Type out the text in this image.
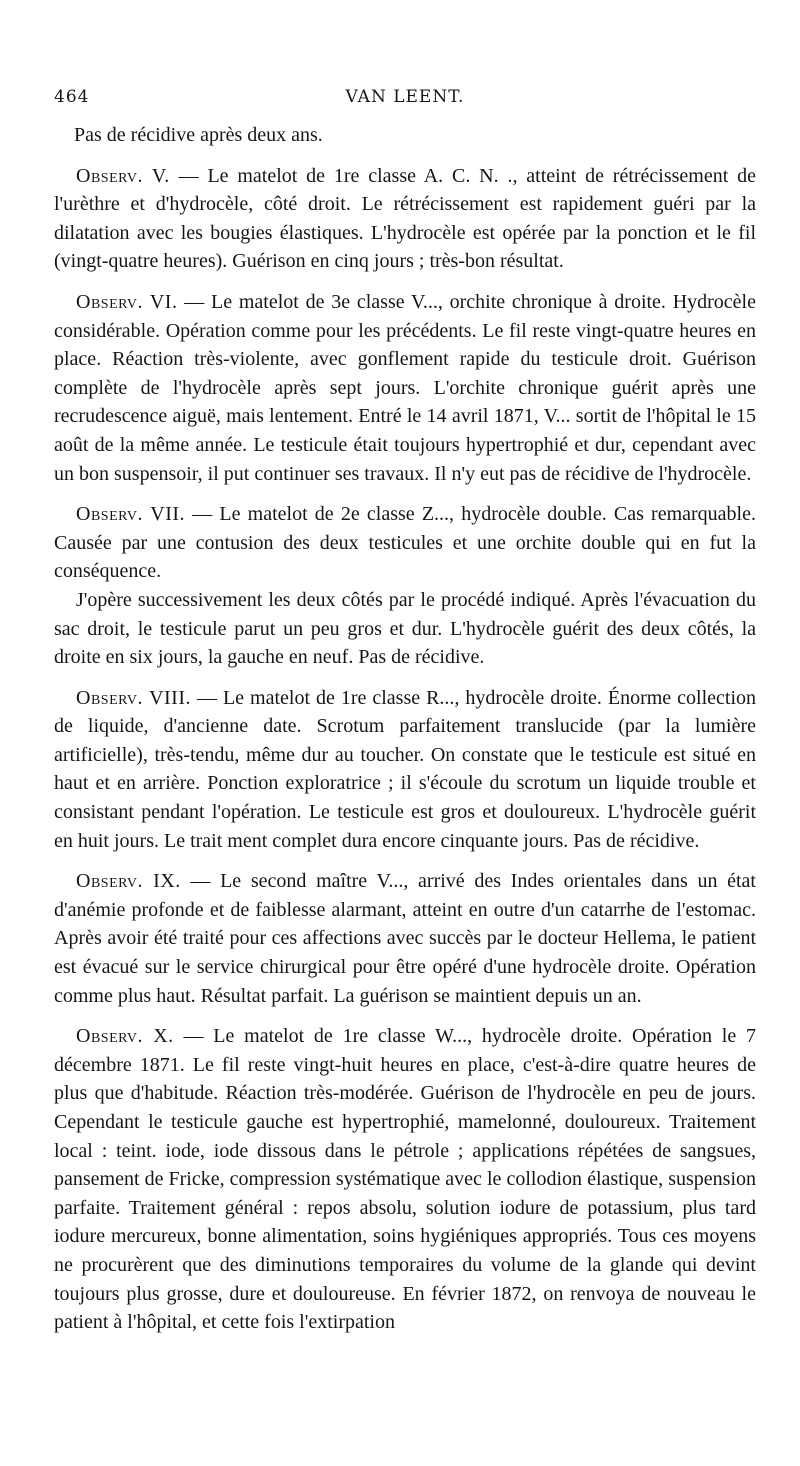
464	VAN LEENT.

Pas de récidive après deux ans.

Observ. V. — Le matelot de 1re classe A. C. N. ., atteint de rétrécissement de l'urèthre et d'hydrocèle, côté droit. Le rétrécissement est rapidement guéri par la dilatation avec les bougies élastiques. L'hydrocèle est opérée par la ponction et le fil (vingt-quatre heures). Guérison en cinq jours ; très-bon résultat.

Observ. VI. — Le matelot de 3e classe V..., orchite chronique à droite. Hydrocèle considérable. Opération comme pour les précédents. Le fil reste vingt-quatre heures en place. Réaction très-violente, avec gonflement rapide du testicule droit. Guérison complète de l'hydrocèle après sept jours. L'orchite chronique guérit après une recrudescence aiguë, mais lentement. Entré le 14 avril 1871, V... sortit de l'hôpital le 15 août de la même année. Le testicule était toujours hypertrophié et dur, cependant avec un bon suspensoir, il put continuer ses travaux. Il n'y eut pas de récidive de l'hydrocèle.

Observ. VII. — Le matelot de 2e classe Z..., hydrocèle double. Cas remarquable. Causée par une contusion des deux testicules et une orchite double qui en fut la conséquence.

J'opère successivement les deux côtés par le procédé indiqué. Après l'évacuation du sac droit, le testicule parut un peu gros et dur. L'hydrocèle guérit des deux côtés, la droite en six jours, la gauche en neuf. Pas de récidive.

Observ. VIII. — Le matelot de 1re classe R..., hydrocèle droite. Énorme collection de liquide, d'ancienne date. Scrotum parfaitement translucide (par la lumière artificielle), très-tendu, même dur au toucher. On constate que le testicule est situé en haut et en arrière. Ponction exploratrice ; il s'écoule du scrotum un liquide trouble et consistant pendant l'opération. Le testicule est gros et douloureux. L'hydrocèle guérit en huit jours. Le trait ment complet dura encore cinquante jours. Pas de récidive.

Observ. IX. — Le second maître V..., arrivé des Indes orientales dans un état d'anémie profonde et de faiblesse alarmant, atteint en outre d'un catarrhe de l'estomac. Après avoir été traité pour ces affections avec succès par le docteur Hellema, le patient est évacué sur le service chirurgical pour être opéré d'une hydrocèle droite. Opération comme plus haut. Résultat parfait. La guérison se maintient depuis un an.

Observ. X. — Le matelot de 1re classe W..., hydrocèle droite. Opération le 7 décembre 1871. Le fil reste vingt-huit heures en place, c'est-à-dire quatre heures de plus que d'habitude. Réaction très-modérée. Guérison de l'hydrocèle en peu de jours. Cependant le testicule gauche est hypertrophié, mamelonné, douloureux. Traitement local : teint. iode, iode dissous dans le pétrole ; applications répétées de sangsues, pansement de Fricke, compression systématique avec le collodion élastique, suspension parfaite. Traitement général : repos absolu, solution iodure de potassium, plus tard iodure mercureux, bonne alimentation, soins hygiéniques appropriés. Tous ces moyens ne procurèrent que des diminutions temporaires du volume de la glande qui devint toujours plus grosse, dure et douloureuse. En février 1872, on renvoya de nouveau le patient à l'hôpital, et cette fois l'extirpation
